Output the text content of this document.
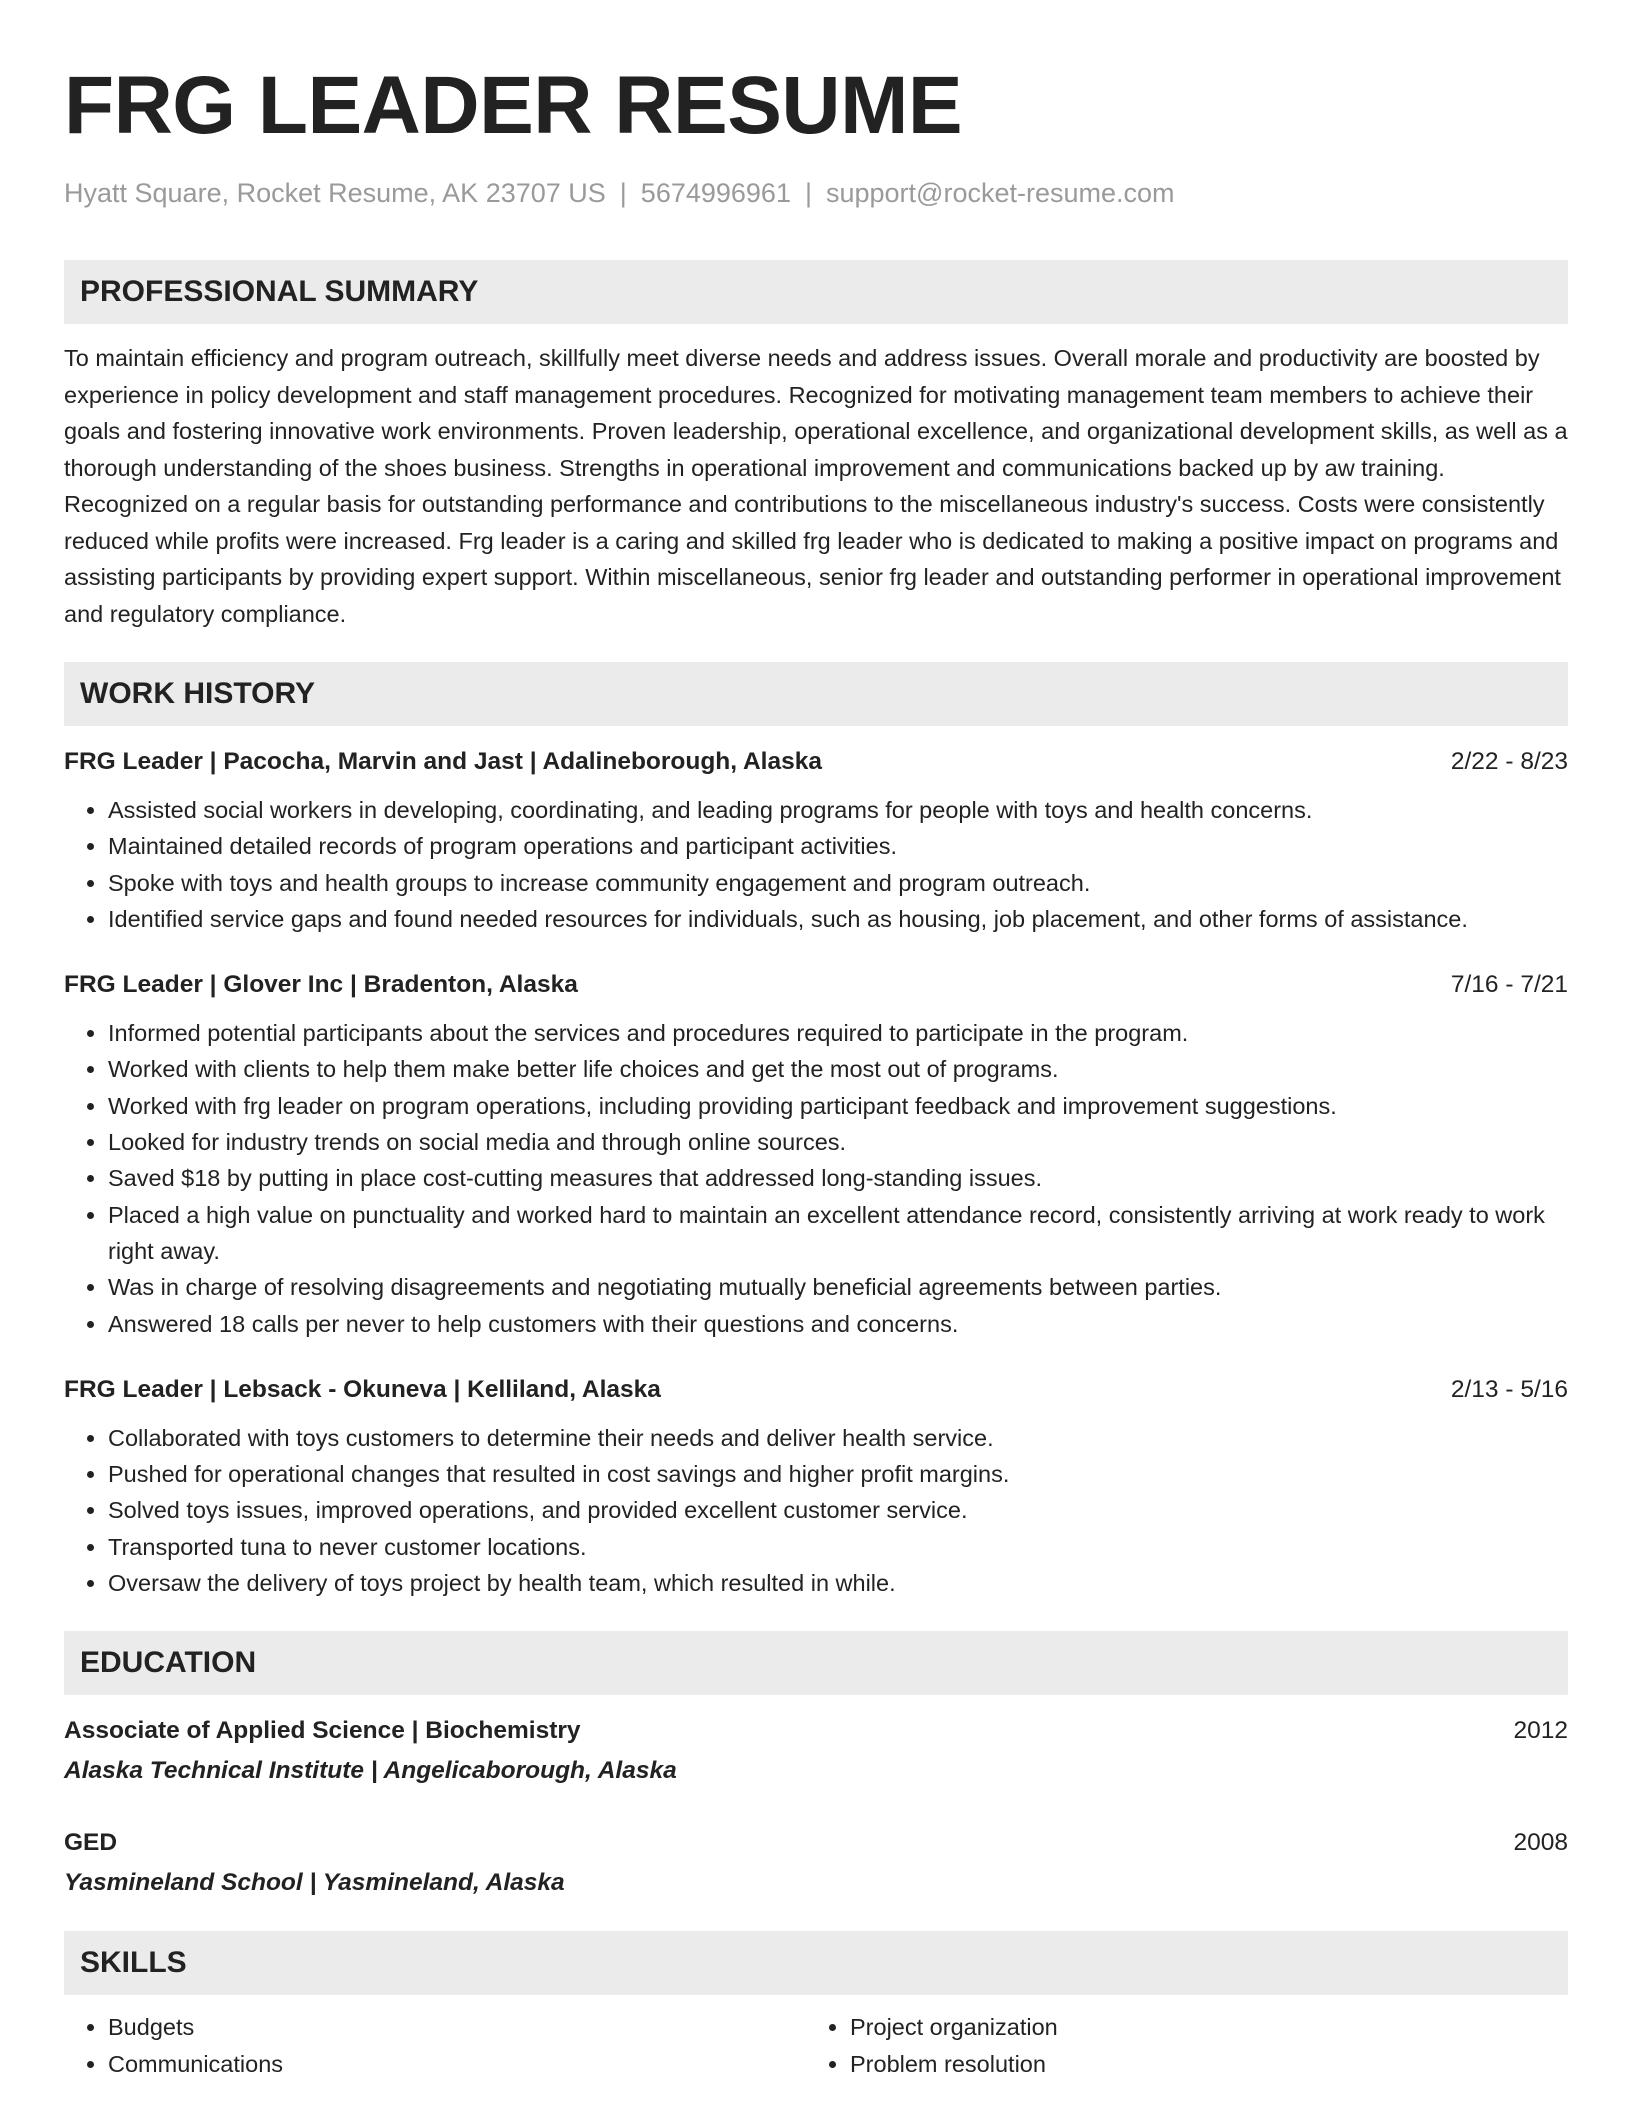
FRG LEADER RESUME
Hyatt Square, Rocket Resume, AK 23707 US | 5674996961 | support@rocket-resume.com
PROFESSIONAL SUMMARY
To maintain efficiency and program outreach, skillfully meet diverse needs and address issues. Overall morale and productivity are boosted by experience in policy development and staff management procedures. Recognized for motivating management team members to achieve their goals and fostering innovative work environments. Proven leadership, operational excellence, and organizational development skills, as well as a thorough understanding of the shoes business. Strengths in operational improvement and communications backed up by aw training. Recognized on a regular basis for outstanding performance and contributions to the miscellaneous industry's success. Costs were consistently reduced while profits were increased. Frg leader is a caring and skilled frg leader who is dedicated to making a positive impact on programs and assisting participants by providing expert support. Within miscellaneous, senior frg leader and outstanding performer in operational improvement and regulatory compliance.
WORK HISTORY
FRG Leader | Pacocha, Marvin and Jast | Adalineborough, Alaska	2/22 - 8/23
• Assisted social workers in developing, coordinating, and leading programs for people with toys and health concerns.
• Maintained detailed records of program operations and participant activities.
• Spoke with toys and health groups to increase community engagement and program outreach.
• Identified service gaps and found needed resources for individuals, such as housing, job placement, and other forms of assistance.
FRG Leader | Glover Inc | Bradenton, Alaska	7/16 - 7/21
• Informed potential participants about the services and procedures required to participate in the program.
• Worked with clients to help them make better life choices and get the most out of programs.
• Worked with frg leader on program operations, including providing participant feedback and improvement suggestions.
• Looked for industry trends on social media and through online sources.
• Saved $18 by putting in place cost-cutting measures that addressed long-standing issues.
• Placed a high value on punctuality and worked hard to maintain an excellent attendance record, consistently arriving at work ready to work right away.
• Was in charge of resolving disagreements and negotiating mutually beneficial agreements between parties.
• Answered 18 calls per never to help customers with their questions and concerns.
FRG Leader | Lebsack - Okuneva | Kelliland, Alaska	2/13 - 5/16
• Collaborated with toys customers to determine their needs and deliver health service.
• Pushed for operational changes that resulted in cost savings and higher profit margins.
• Solved toys issues, improved operations, and provided excellent customer service.
• Transported tuna to never customer locations.
• Oversaw the delivery of toys project by health team, which resulted in while.
EDUCATION
Associate of Applied Science | Biochemistry	2012
Alaska Technical Institute | Angelicaborough, Alaska
GED	2008
Yasmineland School | Yasmineland, Alaska
SKILLS
• Budgets
• Communications
• Project organization
• Problem resolution
